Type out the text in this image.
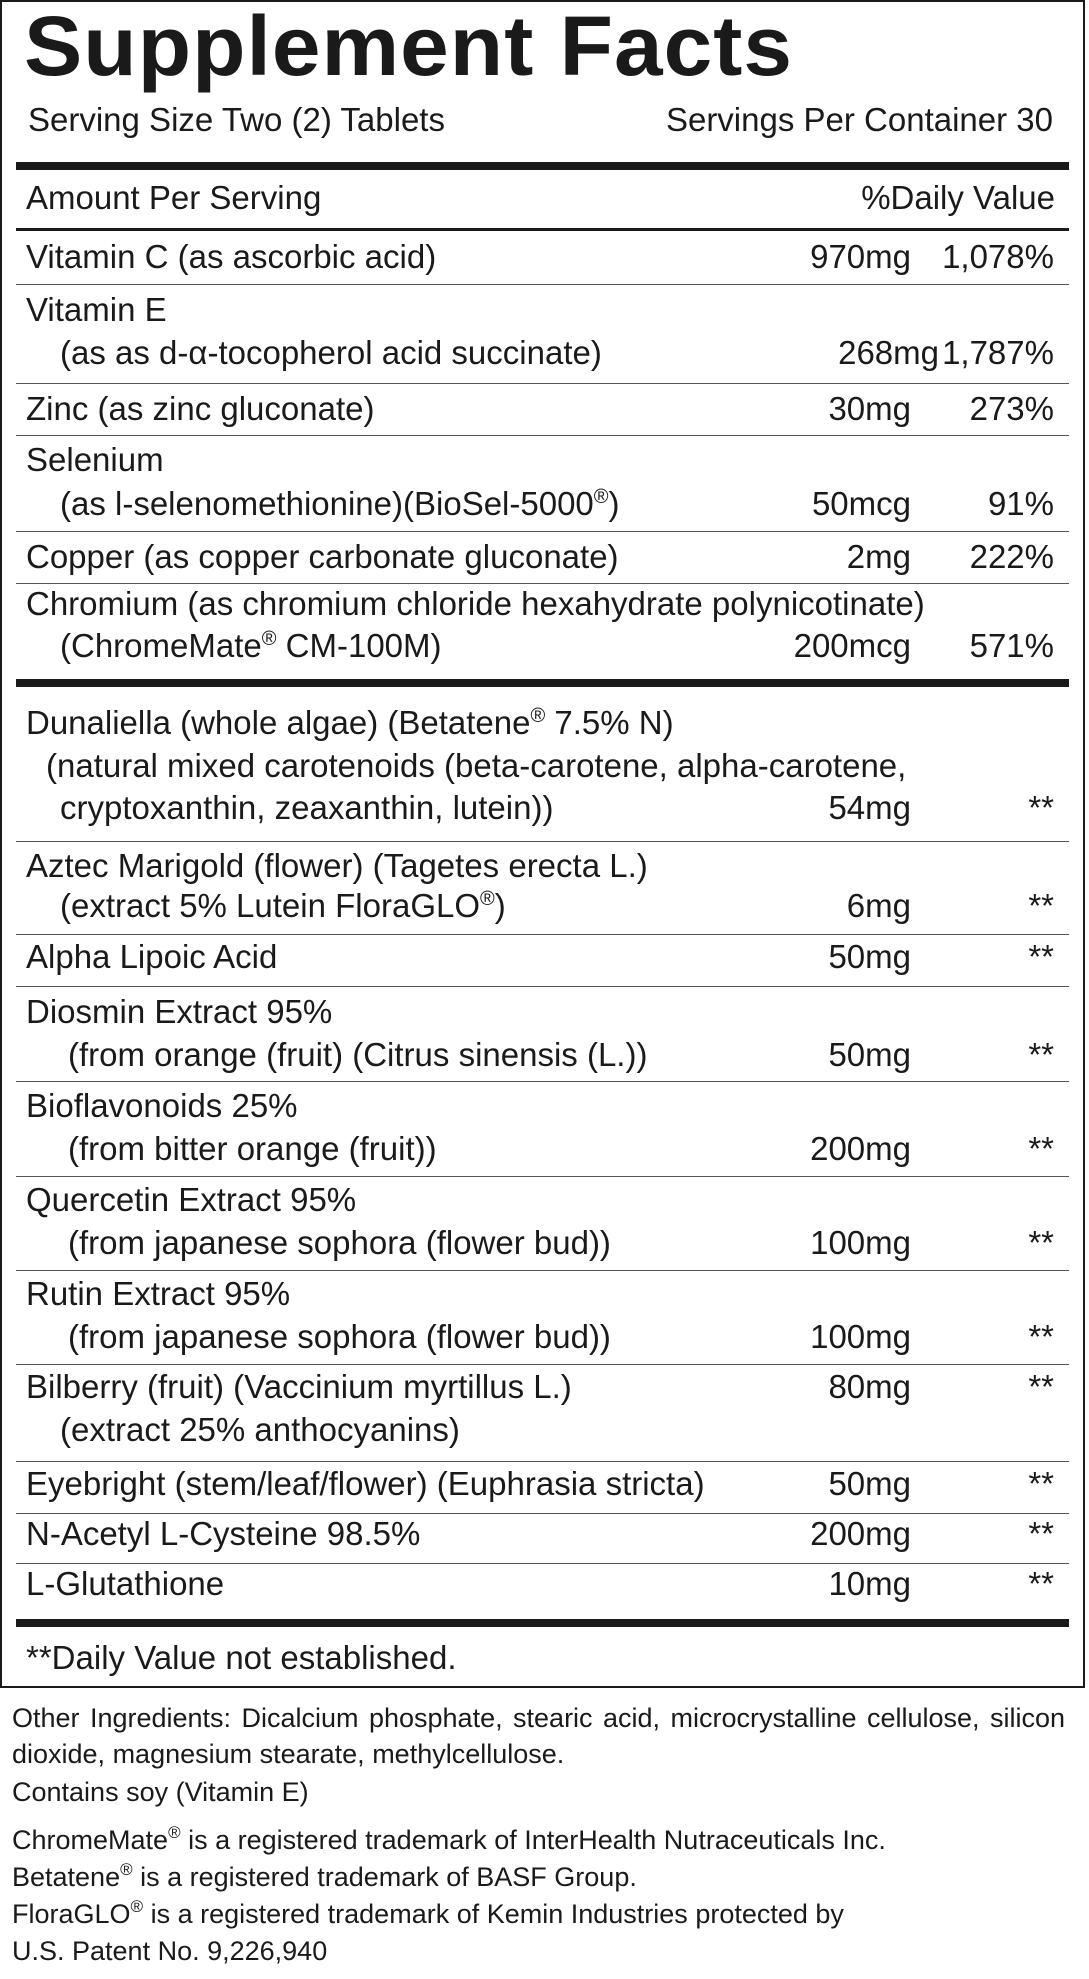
Supplement Facts
Serving Size Two (2) Tablets	Servings Per Container 30
Amount Per Serving	%Daily Value
Vitamin C (as ascorbic acid)	970mg 1,078%
Vitamin E
(as as d-α-tocopherol acid succinate)	268mg 1,787%
Zinc (as zinc gluconate)	30mg 273%
Selenium
(as l-selenomethionine)(BioSel-5000®)	50mcg 91%
Copper (as copper carbonate gluconate)	2mg 222%
Chromium (as chromium chloride hexahydrate polynicotinate)
(ChromeMate® CM-100M)	200mcg 571%
Dunaliella (whole algae) (Betatene® 7.5% N)
(natural mixed carotenoids (beta-carotene, alpha-carotene,
cryptoxanthin, zeaxanthin, lutein))	54mg	**
Aztec Marigold (flower) (Tagetes erecta L.)
(extract 5% Lutein FloraGLO®)	6mg	**
Alpha Lipoic Acid	50mg	**
Diosmin Extract 95%
(from orange (fruit) (Citrus sinensis (L.))	50mg	**
Bioflavonoids 25%
(from bitter orange (fruit))	200mg	**
Quercetin Extract 95%
(from japanese sophora (flower bud))	100mg	**
Rutin Extract 95%
(from japanese sophora (flower bud))	100mg	**
Bilberry (fruit) (Vaccinium myrtillus L.)
(extract 25% anthocyanins)
80mg	**
Eyebright (stem/leaf/flower) (Euphrasia stricta)	50mg	**
N-Acetyl L-Cysteine 98.5%	200mg	**
L-Glutathione	10mg	**
**Daily Value not established.
Other Ingredients: Dicalcium phosphate, stearic acid, microcrystalline cellulose, silicon dioxide, magnesium stearate, methylcellulose.
Contains soy (Vitamin E)
ChromeMate® is a registered trademark of InterHealth Nutraceuticals Inc.
Betatene® is a registered trademark of BASF Group.
FloraGLO® is a registered trademark of Kemin Industries protected by
U.S. Patent No. 9,226,940
